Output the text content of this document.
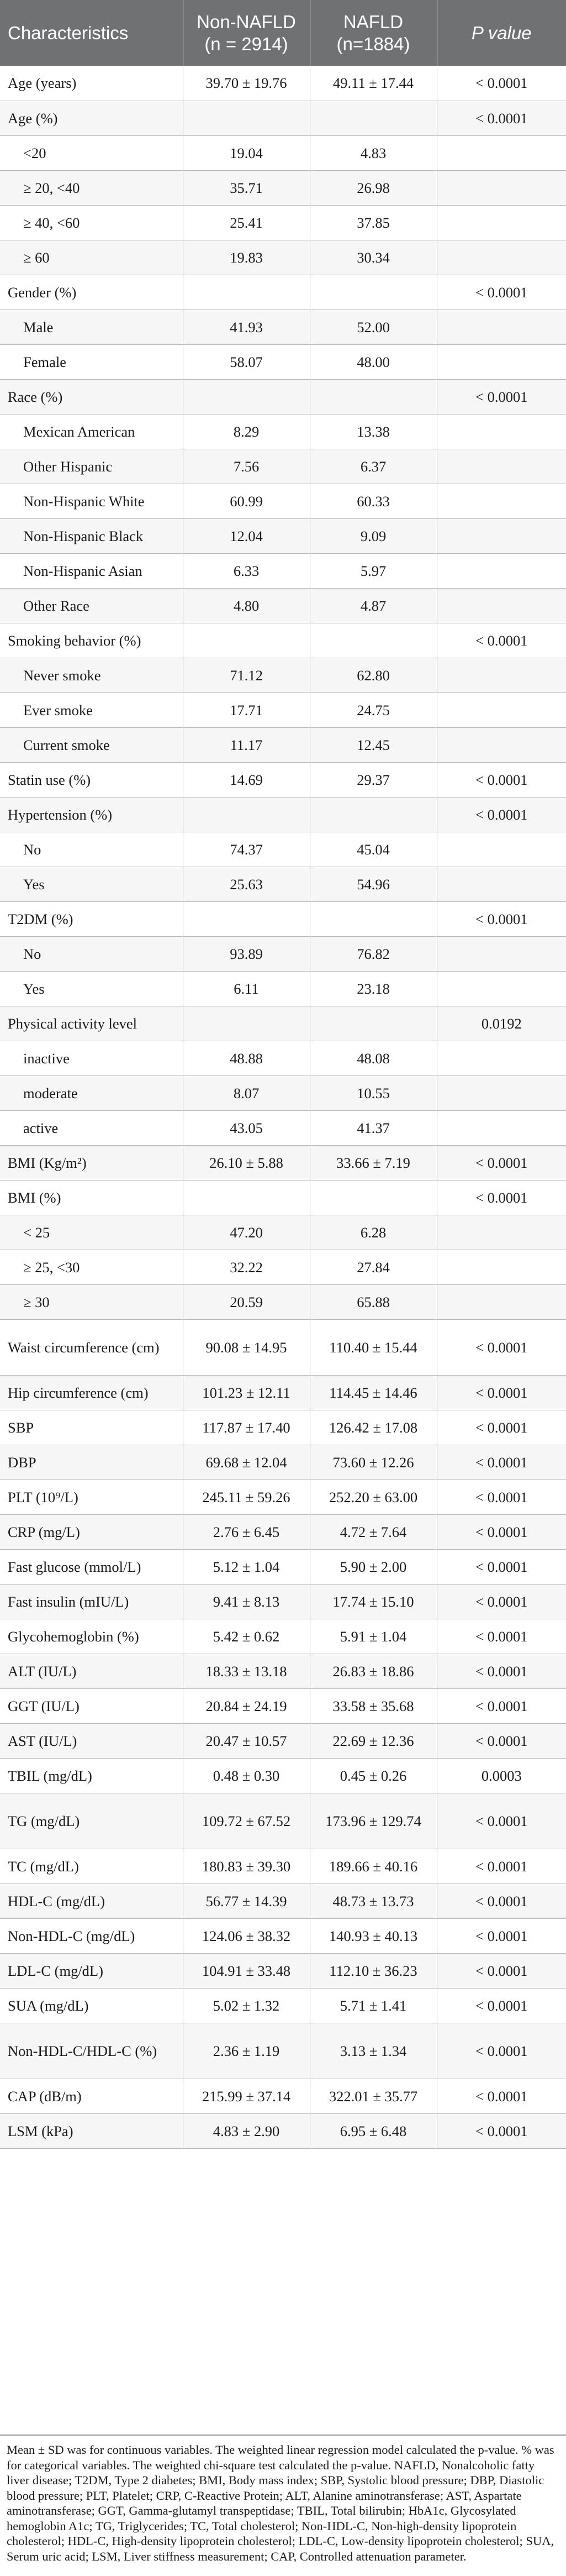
Characteristics	Non-NAFLD (n = 2914)	NAFLD (n=1884)	P value
Age (years)	39.70 ± 19.76	49.11 ± 17.44	< 0.0001
Age (%)			< 0.0001
<20	19.04	4.83	
≥ 20, <40	35.71	26.98	
≥ 40, <60	25.41	37.85	
≥ 60	19.83	30.34	
Gender (%)			< 0.0001
Male	41.93	52.00	
Female	58.07	48.00	
Race (%)			< 0.0001
Mexican American	8.29	13.38	
Other Hispanic	7.56	6.37	
Non-Hispanic White	60.99	60.33	
Non-Hispanic Black	12.04	9.09	
Non-Hispanic Asian	6.33	5.97	
Other Race	4.80	4.87	
Smoking behavior (%)			< 0.0001
Never smoke	71.12	62.80	
Ever smoke	17.71	24.75	
Current smoke	11.17	12.45	
Statin use (%)	14.69	29.37	< 0.0001
Hypertension (%)			< 0.0001
No	74.37	45.04	
Yes	25.63	54.96	
T2DM (%)			< 0.0001
No	93.89	76.82	
Yes	6.11	23.18	
Physical activity level			0.0192
inactive	48.88	48.08	
moderate	8.07	10.55	
active	43.05	41.37	
BMI (Kg/m²)	26.10 ± 5.88	33.66 ± 7.19	< 0.0001
BMI (%)			< 0.0001
< 25	47.20	6.28	
≥ 25, <30	32.22	27.84	
≥ 30	20.59	65.88	
Waist circumference (cm)	90.08 ± 14.95	110.40 ± 15.44	< 0.0001
Hip circumference (cm)	101.23 ± 12.11	114.45 ± 14.46	< 0.0001
SBP	117.87 ± 17.40	126.42 ± 17.08	< 0.0001
DBP	69.68 ± 12.04	73.60 ± 12.26	< 0.0001
PLT (10⁹/L)	245.11 ± 59.26	252.20 ± 63.00	< 0.0001
CRP (mg/L)	2.76 ± 6.45	4.72 ± 7.64	< 0.0001
Fast glucose (mmol/L)	5.12 ± 1.04	5.90 ± 2.00	< 0.0001
Fast insulin (mIU/L)	9.41 ± 8.13	17.74 ± 15.10	< 0.0001
Glycohemoglobin (%)	5.42 ± 0.62	5.91 ± 1.04	< 0.0001
ALT (IU/L)	18.33 ± 13.18	26.83 ± 18.86	< 0.0001
GGT (IU/L)	20.84 ± 24.19	33.58 ± 35.68	< 0.0001
AST (IU/L)	20.47 ± 10.57	22.69 ± 12.36	< 0.0001
TBIL (mg/dL)	0.48 ± 0.30	0.45 ± 0.26	0.0003
TG (mg/dL)	109.72 ± 67.52	173.96 ± 129.74	< 0.0001
TC (mg/dL)	180.83 ± 39.30	189.66 ± 40.16	< 0.0001
HDL-C (mg/dL)	56.77 ± 14.39	48.73 ± 13.73	< 0.0001
Non-HDL-C (mg/dL)	124.06 ± 38.32	140.93 ± 40.13	< 0.0001
LDL-C (mg/dL)	104.91 ± 33.48	112.10 ± 36.23	< 0.0001
SUA (mg/dL)	5.02 ± 1.32	5.71 ± 1.41	< 0.0001
Non-HDL-C/HDL-C (%)	2.36 ± 1.19	3.13 ± 1.34	< 0.0001
CAP (dB/m)	215.99 ± 37.14	322.01 ± 35.77	< 0.0001
LSM (kPa)	4.83 ± 2.90	6.95 ± 6.48	< 0.0001

Mean ± SD was for continuous variables. The weighted linear regression model calculated the p-value. % was for categorical variables. The weighted chi-square test calculated the p-value. NAFLD, Nonalcoholic fatty liver disease; T2DM, Type 2 diabetes; BMI, Body mass index; SBP, Systolic blood pressure; DBP, Diastolic blood pressure; PLT, Platelet; CRP, C-Reactive Protein; ALT, Alanine aminotransferase; AST, Aspartate aminotransferase; GGT, Gamma-glutamyl transpeptidase; TBIL, Total bilirubin; HbA1c, Glycosylated hemoglobin A1c; TG, Triglycerides; TC, Total cholesterol; Non-HDL-C, Non-high-density lipoprotein cholesterol; HDL-C, High-density lipoprotein cholesterol; LDL-C, Low-density lipoprotein cholesterol; SUA, Serum uric acid; LSM, Liver stiffness measurement; CAP, Controlled attenuation parameter.
